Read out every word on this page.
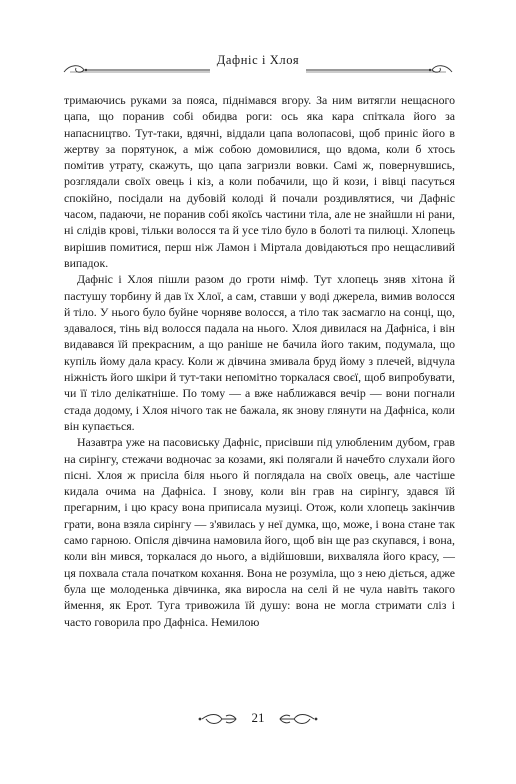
Дафніс і Хлоя

тримаючись руками за пояса, піднімався вгору. За ним витягли нещасного цапа, що поранив собі обидва роги: ось яка кара спіткала його за напасництво. Тут-таки, вдячні, віддали цапа волопасові, щоб приніс його в жертву за порятунок, а між собою домовилися, що вдома, коли б хтось помітив утрату, скажуть, що цапа загризли вовки. Самі ж, повернувшись, розглядали своїх овець і кіз, а коли побачили, що й кози, і вівці пасуться спокійно, посідали на дубовій колоді й почали роздивлятися, чи Дафніс часом, падаючи, не поранив собі якоїсь частини тіла, але не знайшли ні рани, ні слідів крові, тільки волосся та й усе тіло було в болоті та пилюці. Хлопець вирішив помитися, перш ніж Ламон і Міртала довідаються про нещасливий випадок.

Дафніс і Хлоя пішли разом до гроти німф. Тут хлопець зняв хітона й пастушу торбину й дав їх Хлої, а сам, ставши у воді джерела, вимив волосся й тіло. У нього було буйне чорняве волосся, а тіло так засмагло на сонці, що, здавалося, тінь від волосся падала на нього. Хлоя дивилася на Дафніса, і він видавався їй прекрасним, а що раніше не бачила його таким, подумала, що купіль йому дала красу. Коли ж дівчина змивала бруд йому з плечей, відчула ніжність його шкіри й тут-таки непомітно торкалася своєї, щоб випробувати, чи її тіло делікатніше. По тому — а вже наближався вечір — вони погнали стада додому, і Хлоя нічого так не бажала, як знову глянути на Дафніса, коли він купається.

Назавтра уже на пасовиську Дафніс, присівши під улюбленим дубом, грав на сирінгу, стежачи водночас за козами, які полягали й начебто слухали його пісні. Хлоя ж присіла біля нього й поглядала на своїх овець, але частіше кидала очима на Дафніса. І знову, коли він грав на сирінгу, здався їй прегарним, і цю красу вона приписала музиці. Отож, коли хлопець закінчив грати, вона взяла сирінгу — з'явилась у неї думка, що, може, і вона стане так само гарною. Опісля дівчина намовила його, щоб він ще раз скупався, і вона, коли він мився, торкалася до нього, а відійшовши, вихваляла його красу, — ця похвала стала початком кохання. Вона не розуміла, що з нею діється, адже була ще молоденька дівчинка, яка виросла на селі й не чула навіть такого ймення, як Ерот. Туга тривожила їй душу: вона не могла стримати сліз і часто говорила про Дафніса. Немилою

21
